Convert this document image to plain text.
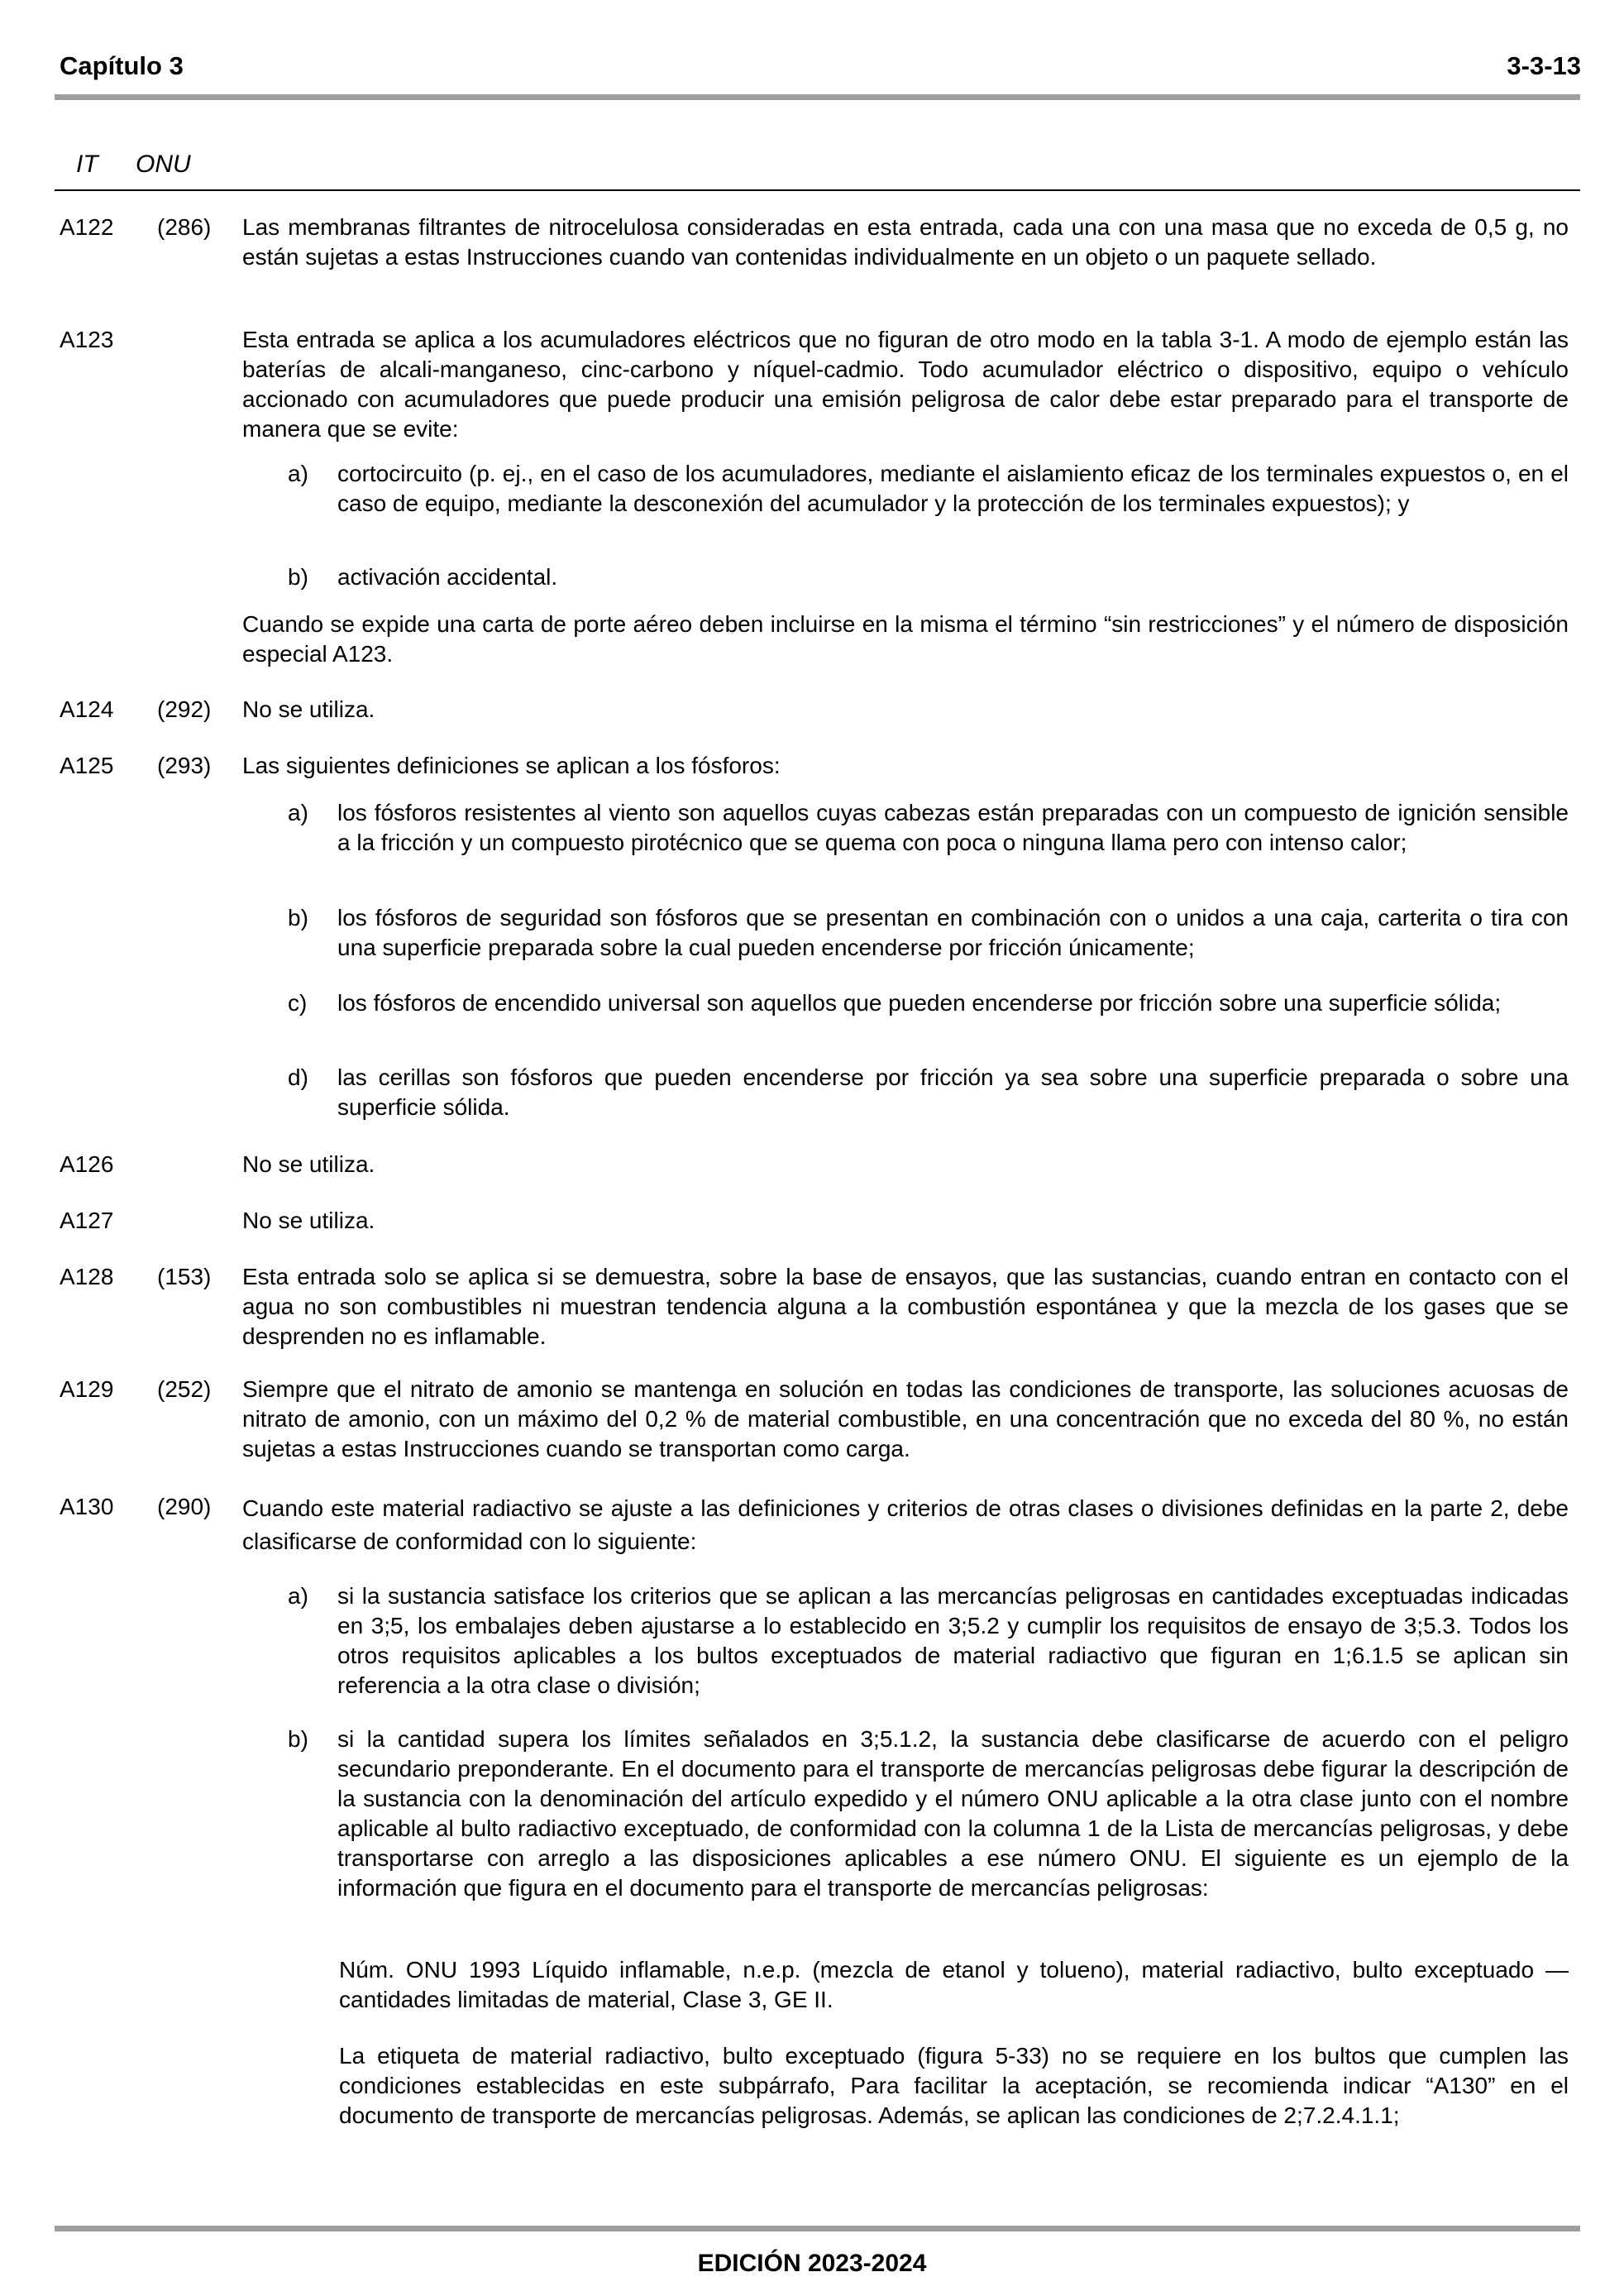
Capítulo 3	3-3-13
IT ONU
A122 (286) Las membranas filtrantes de nitrocelulosa consideradas en esta entrada, cada una con una masa que no exceda de 0,5 g, no están sujetas a estas Instrucciones cuando van contenidas individualmente en un objeto o un paquete sellado.
A123	Esta entrada se aplica a los acumuladores eléctricos que no figuran de otro modo en la tabla 3-1. A modo de ejemplo están las baterías de alcali-manganeso, cinc-carbono y níquel-cadmio. Todo acumulador eléctrico o dispositivo, equipo o vehículo accionado con acumuladores que puede producir una emisión peligrosa de calor debe estar preparado para el transporte de manera que se evite:
a) cortocircuito (p. ej., en el caso de los acumuladores, mediante el aislamiento eficaz de los terminales expuestos o, en el caso de equipo, mediante la desconexión del acumulador y la protección de los terminales expuestos); y
b) activación accidental.
Cuando se expide una carta de porte aéreo deben incluirse en la misma el término “sin restricciones” y el número de disposición especial A123.
A124 (292) No se utiliza.
A125 (293) Las siguientes definiciones se aplican a los fósforos:
a) los fósforos resistentes al viento son aquellos cuyas cabezas están preparadas con un compuesto de ignición sensible a la fricción y un compuesto pirotécnico que se quema con poca o ninguna llama pero con intenso calor;
b) los fósforos de seguridad son fósforos que se presentan en combinación con o unidos a una caja, carterita o tira con una superficie preparada sobre la cual pueden encenderse por fricción únicamente;
c) los fósforos de encendido universal son aquellos que pueden encenderse por fricción sobre una superficie sólida;
d) las cerillas son fósforos que pueden encenderse por fricción ya sea sobre una superficie preparada o sobre una superficie sólida.
A126	No se utiliza.
A127	No se utiliza.
A128 (153) Esta entrada solo se aplica si se demuestra, sobre la base de ensayos, que las sustancias, cuando entran en contacto con el agua no son combustibles ni muestran tendencia alguna a la combustión espontánea y que la mezcla de los gases que se desprenden no es inflamable.
A129 (252) Siempre que el nitrato de amonio se mantenga en solución en todas las condiciones de transporte, las soluciones acuosas de nitrato de amonio, con un máximo del 0,2 % de material combustible, en una concentración que no exceda del 80 %, no están sujetas a estas Instrucciones cuando se transportan como carga.
A130 (290) Cuando este material radiactivo se ajuste a las definiciones y criterios de otras clases o divisiones definidas en la parte 2, debe clasificarse de conformidad con lo siguiente:
a) si la sustancia satisface los criterios que se aplican a las mercancías peligrosas en cantidades exceptuadas indicadas en 3;5, los embalajes deben ajustarse a lo establecido en 3;5.2 y cumplir los requisitos de ensayo de 3;5.3. Todos los otros requisitos aplicables a los bultos exceptuados de material radiactivo que figuran en 1;6.1.5 se aplican sin referencia a la otra clase o división;
b) si la cantidad supera los límites señalados en 3;5.1.2, la sustancia debe clasificarse de acuerdo con el peligro secundario preponderante. En el documento para el transporte de mercancías peligrosas debe figurar la descripción de la sustancia con la denominación del artículo expedido y el número ONU aplicable a la otra clase junto con el nombre aplicable al bulto radiactivo exceptuado, de conformidad con la columna 1 de la Lista de mercancías peligrosas, y debe transportarse con arreglo a las disposiciones aplicables a ese número ONU. El siguiente es un ejemplo de la información que figura en el documento para el transporte de mercancías peligrosas:
Núm. ONU 1993 Líquido inflamable, n.e.p. (mezcla de etanol y tolueno), material radiactivo, bulto exceptuado — cantidades limitadas de material, Clase 3, GE II.
La etiqueta de material radiactivo, bulto exceptuado (figura 5-33) no se requiere en los bultos que cumplen las condiciones establecidas en este subpárrafo, Para facilitar la aceptación, se recomienda indicar “A130” en el documento de transporte de mercancías peligrosas. Además, se aplican las condiciones de 2;7.2.4.1.1;
EDICIÓN 2023-2024
